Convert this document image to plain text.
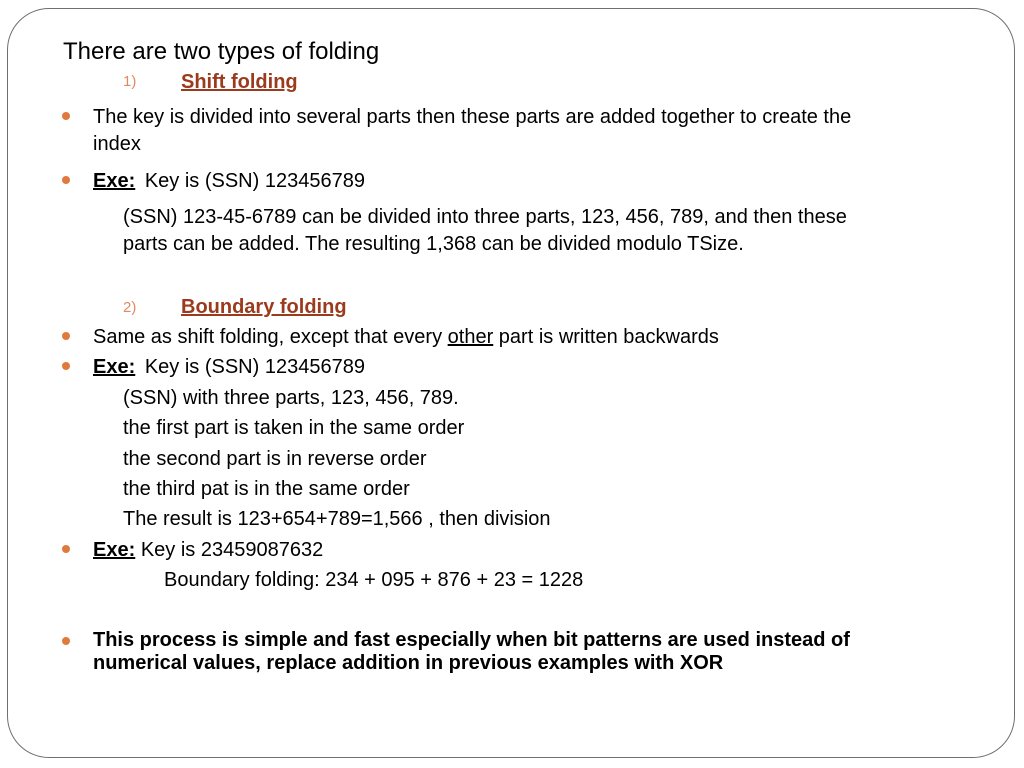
There are two types of folding
1) Shift folding
The key is divided into several parts then these parts are added together to create the
index
Exe: Key is (SSN) 123456789
(SSN) 123-45-6789 can be divided into three parts, 123, 456, 789, and then these
parts can be added. The resulting 1,368 can be divided modulo TSize.
2) Boundary folding
Same as shift folding, except that every other part is written backwards
Exe: Key is (SSN) 123456789
(SSN) with three parts, 123, 456, 789.
the first part is taken in the same order
the second part is in reverse order
the third pat is in the same order
The result is 123+654+789=1,566 , then division
Exe: Key is 23459087632
Boundary folding: 234 + 095 + 876 + 23 = 1228
This process is simple and fast especially when bit patterns are used instead of
numerical values, replace addition in previous examples with XOR
